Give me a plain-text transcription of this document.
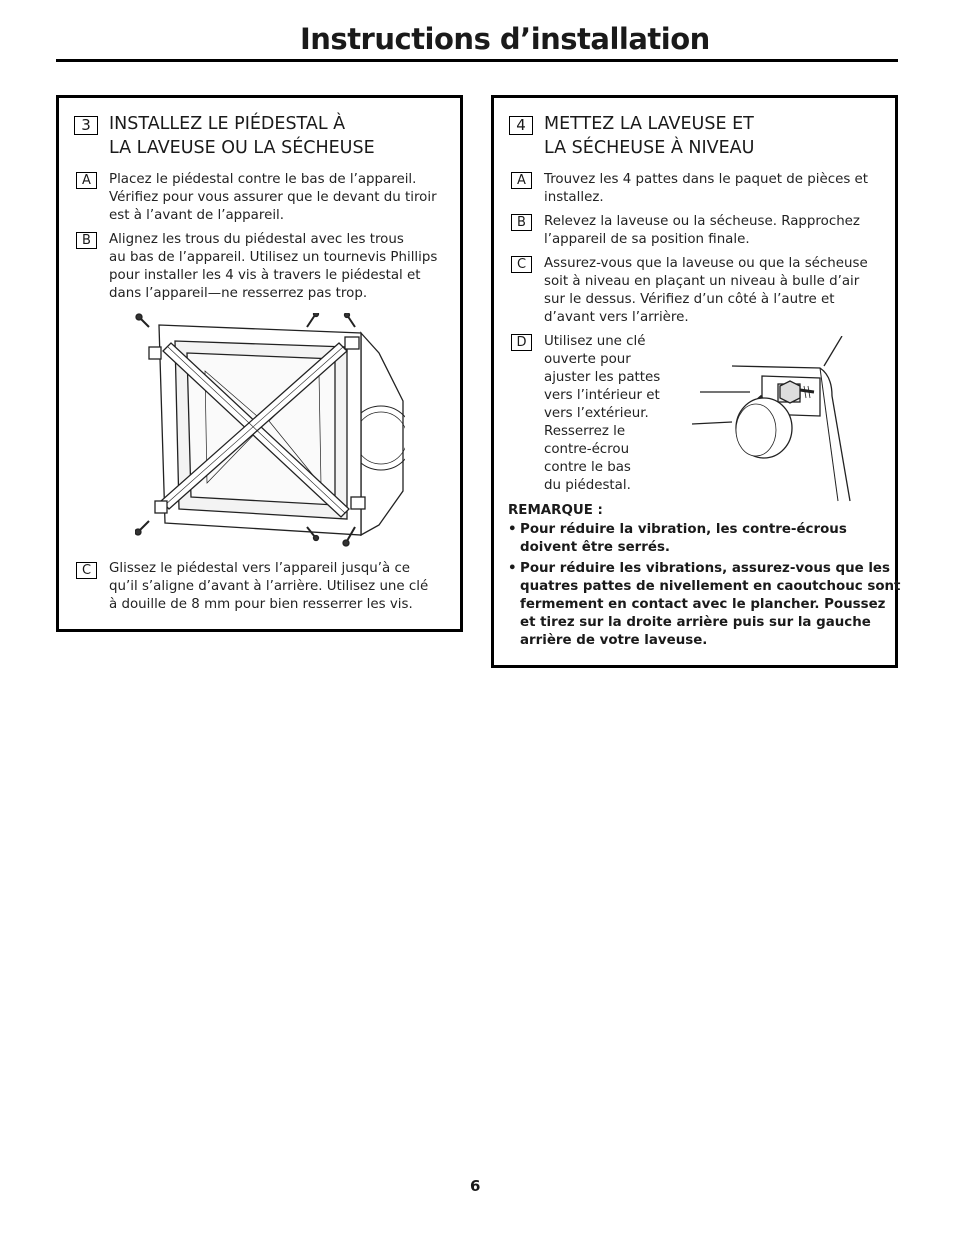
Instructions d’installation
3	INSTALLEZ LE PIÉDESTAL À
LA LAVEUSE OU LA SÉCHEUSE
A	Placez le piédestal contre le bas de l’appareil.
Vérifiez pour vous assurer que le devant du tiroir
est à l’avant de l’appareil.
B	Alignez les trous du piédestal avec les trous
au bas de l’appareil. Utilisez un tournevis Phillips
pour installer les 4 vis à travers le piédestal et
dans l’appareil—ne resserrez pas trop.
C	Glissez le piédestal vers l’appareil jusqu’à ce
qu’il s’aligne d’avant à l’arrière. Utilisez une clé
à douille de 8 mm pour bien resserrer les vis.
4	METTEZ LA LAVEUSE ET
LA SÉCHEUSE À NIVEAU
A	Trouvez les 4 pattes dans le paquet de pièces et
installez.
B	Relevez la laveuse ou la sécheuse. Rapprochez
l’appareil de sa position finale.
C	Assurez-vous que la laveuse ou que la sécheuse
soit à niveau en plaçant un niveau à bulle d’air
sur le dessus. Vérifiez d’un côté à l’autre et
d’avant vers l’arrière.
D	Utilisez une clé
ouverte pour
ajuster les pattes
vers l’intérieur et
vers l’extérieur.
Resserrez le
contre-écrou
contre le bas
du piédestal.
REMARQUE :
• Pour réduire la vibration, les contre-écrous
doivent être serrés.
• Pour réduire les vibrations, assurez-vous que les
quatres pattes de nivellement en caoutchouc sont
fermement en contact avec le plancher. Poussez
et tirez sur la droite arrière puis sur la gauche
arrière de votre laveuse.
6
